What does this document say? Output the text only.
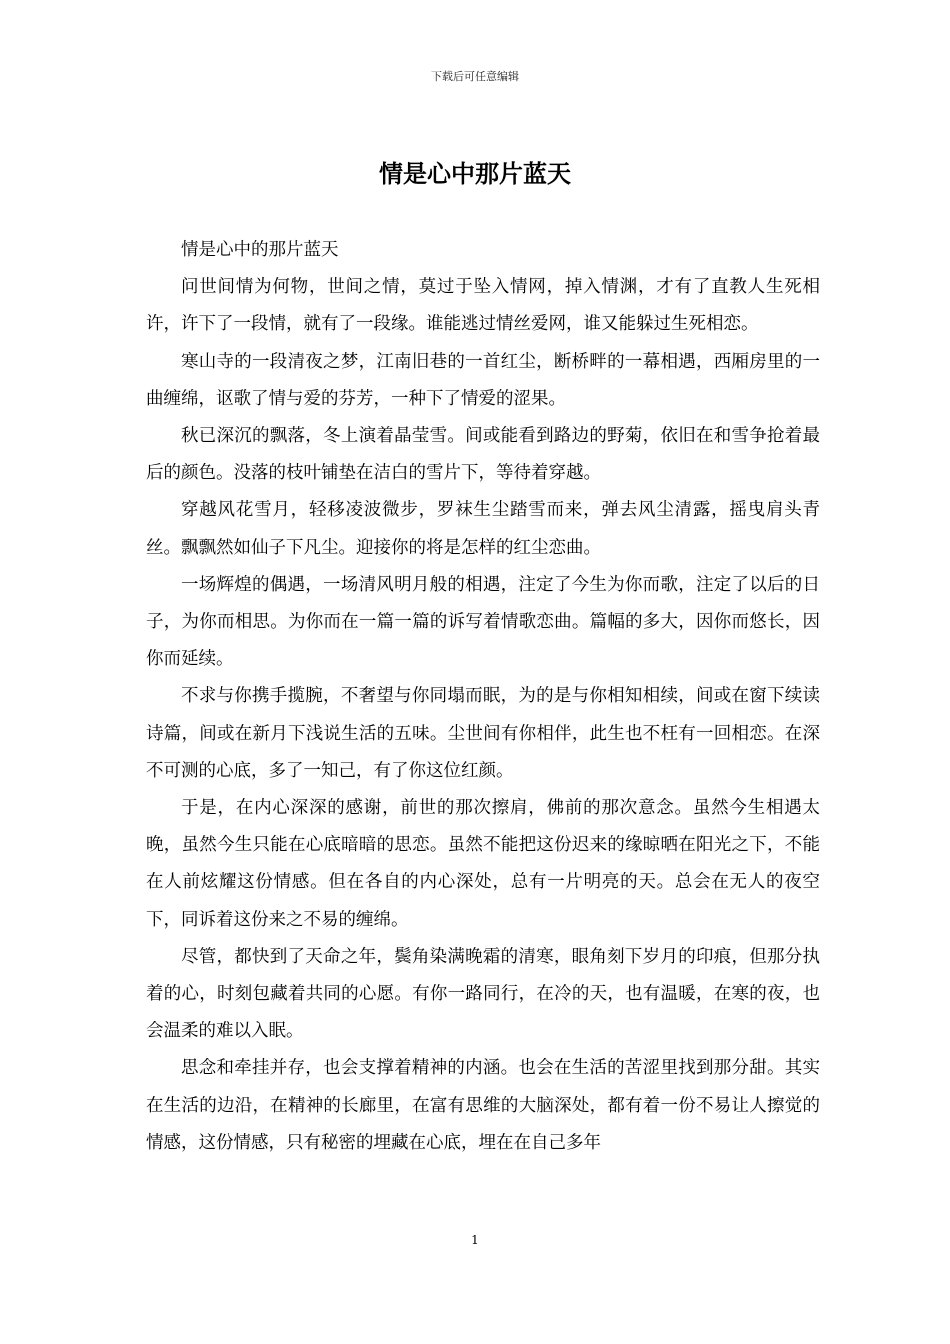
下载后可任意编辑
情是心中那片蓝天

情是心中的那片蓝天

问世间情为何物，世间之情，莫过于坠入情网，掉入情渊，才有了直教人生死相许，许下了一段情，就有了一段缘。谁能逃过情丝爱网，谁又能躲过生死相恋。

寒山寺的一段清夜之梦，江南旧巷的一首红尘，断桥畔的一幕相遇，西厢房里的一曲缠绵，讴歌了情与爱的芬芳，一种下了情爱的涩果。

秋已深沉的飘落，冬上演着晶莹雪。间或能看到路边的野菊，依旧在和雪争抢着最后的颜色。没落的枝叶铺垫在洁白的雪片下，等待着穿越。

穿越风花雪月，轻移凌波微步，罗袜生尘踏雪而来，弹去风尘清露，摇曳肩头青丝。飘飘然如仙子下凡尘。迎接你的将是怎样的红尘恋曲。

一场辉煌的偶遇，一场清风明月般的相遇，注定了今生为你而歌，注定了以后的日子，为你而相思。为你而在一篇一篇的诉写着情歌恋曲。篇幅的多大，因你而悠长，因你而延续。

不求与你携手揽腕，不奢望与你同塌而眠，为的是与你相知相续，间或在窗下续读诗篇，间或在新月下浅说生活的五味。尘世间有你相伴，此生也不枉有一回相恋。在深不可测的心底，多了一知己，有了你这位红颜。

于是，在内心深深的感谢，前世的那次擦肩，佛前的那次意念。虽然今生相遇太晚，虽然今生只能在心底暗暗的思恋。虽然不能把这份迟来的缘晾晒在阳光之下，不能在人前炫耀这份情感。但在各自的内心深处，总有一片明亮的天。总会在无人的夜空下，同诉着这份来之不易的缠绵。

尽管，都快到了天命之年，鬓角染满晚霜的清寒，眼角刻下岁月的印痕，但那分执着的心，时刻包藏着共同的心愿。有你一路同行，在冷的天，也有温暖，在寒的夜，也会温柔的难以入眠。

思念和牵挂并存，也会支撑着精神的内涵。也会在生活的苦涩里找到那分甜。其实在生活的边沿，在精神的长廊里，在富有思维的大脑深处，都有着一份不易让人擦觉的情感，这份情感，只有秘密的埋藏在心底，埋在在自己多年

1
